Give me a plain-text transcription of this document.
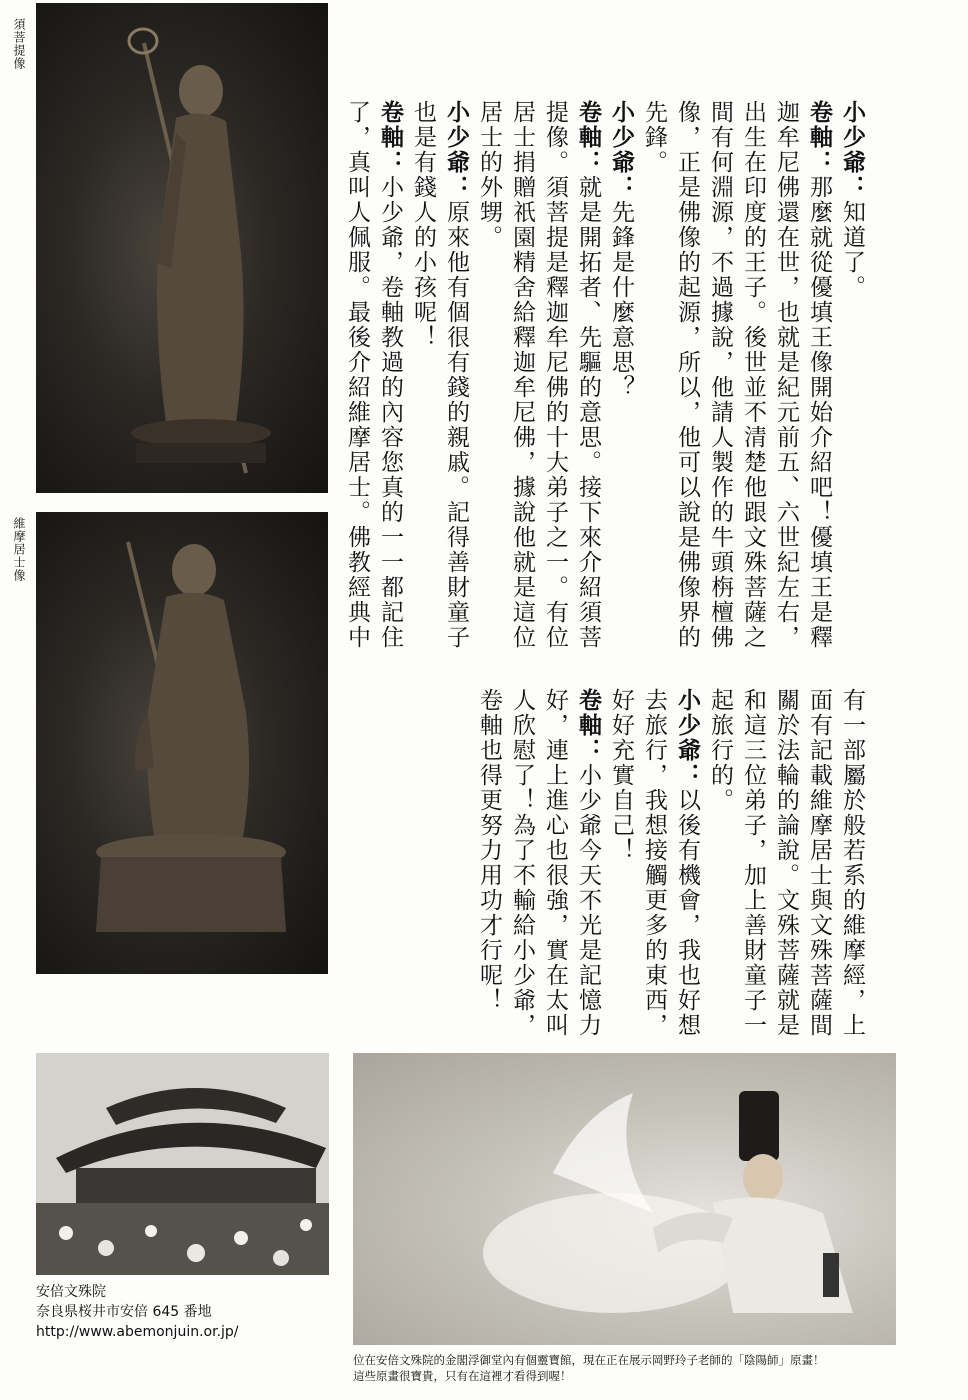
須菩提像
維摩居士像

小少爺：知道了。

卷軸：那麼就從優填王像開始介紹吧！優填王是釋迦牟尼佛還在世，也就是紀元前五、六世紀左右，出生在印度的王子。後世並不清楚他跟文殊菩薩之間有何淵源，不過據說，他請人製作的牛頭栴檀佛像，正是佛像的起源，所以，他可以說是佛像界的先鋒。

小少爺：先鋒是什麼意思？

卷軸：就是開拓者、先驅的意思。接下來介紹須菩提像。須菩提是釋迦牟尼佛的十大弟子之一。有位居士捐贈祇園精舍給釋迦牟尼佛，據說他就是這位居士的外甥。

小少爺：原來他有個很有錢的親戚。記得善財童子也是有錢人的小孩呢！

卷軸：小少爺，卷軸教過的內容您真的一一都記住了，真叫人佩服。最後介紹維摩居士。佛教經典中

有一部屬於般若系的維摩經，上面有記載維摩居士與文殊菩薩間關於法輪的論說。文殊菩薩就是和這三位弟子，加上善財童子一起旅行的。

小少爺：以後有機會，我也好想去旅行，我想接觸更多的東西，好好充實自己！

卷軸：小少爺今天不光是記憶力好，連上進心也很強，實在太叫人欣慰了！為了不輸給小少爺，卷軸也得更努力用功才行呢！

安倍文殊院
奈良県桜井市安倍 645 番地
http://www.abemonjuin.or.jp/
位在安倍文殊院的金閣浮御堂內有個靈寶館，現在正在展示岡野玲子老師的「陰陽師」原畫！
這些原畫很寶貴，只有在這裡才看得到喔！
